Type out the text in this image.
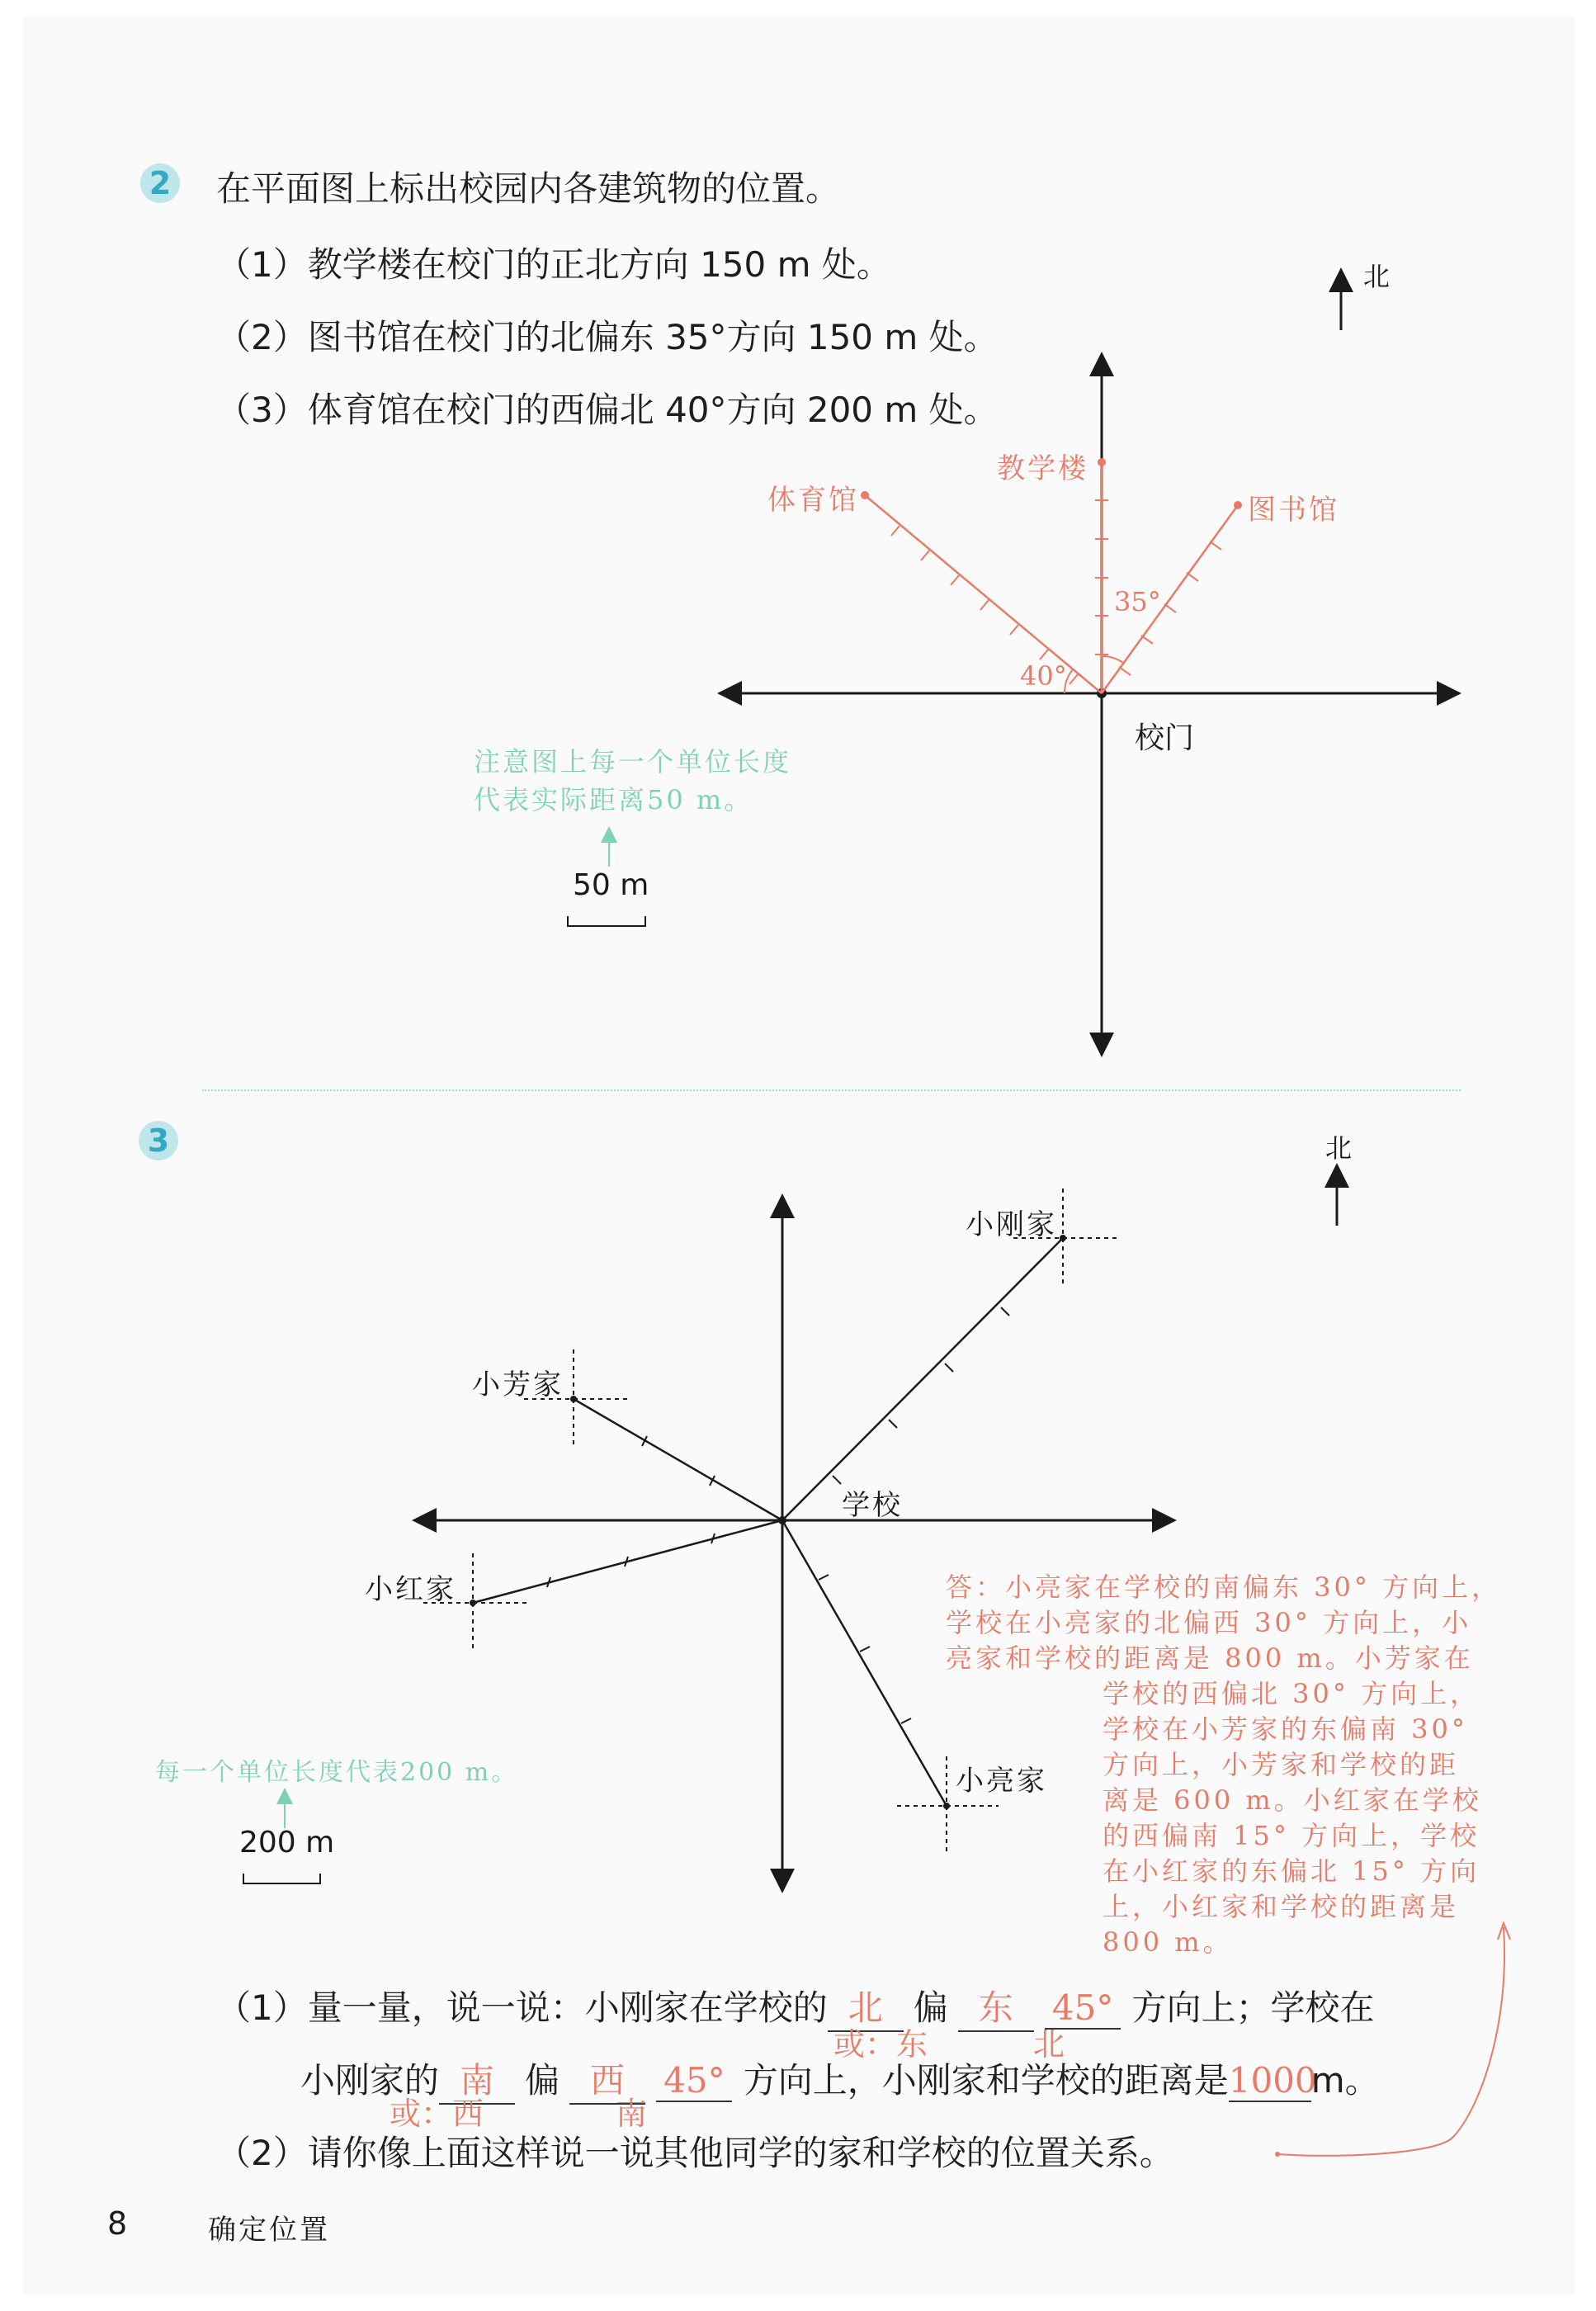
2 在平面图上标出校园内各建筑物的位置。
（1）教学楼在校门的正北方向 150 m 处。
（2）图书馆在校门的北偏东 35°方向 150 m 处。
（3）体育馆在校门的西偏北 40°方向 200 m 处。
北
教学楼
图书馆
体育馆
35°
40°
校门
注意图上每一个单位长度
代表实际距离50 m。
50 m
3	北
小刚家
小芳家
小红家
小亮家
学校
每一个单位长度代表200 m。
200 m
答：小亮家在学校的南偏东 30° 方向上，
学校在小亮家的北偏西 30° 方向上，小
亮家和学校的距离是 800 m。小芳家在
学校的西偏北 30° 方向上，
学校在小芳家的东偏南 30°
方向上，小芳家和学校的距
离是 600 m。小红家在学校
的西偏南 15° 方向上，学校
在小红家的东偏北 15° 方向
上，小红家和学校的距离是
800 m。
（1）量一量，说一说：小刚家在学校的 北 偏 东 45° 方向上；学校在
或：东	北
小刚家的 南 偏 西 45° 方向上，小刚家和学校的距离是1000m。
或：西	南
（2）请你像上面这样说一说其他同学的家和学校的位置关系。
8	确定位置
